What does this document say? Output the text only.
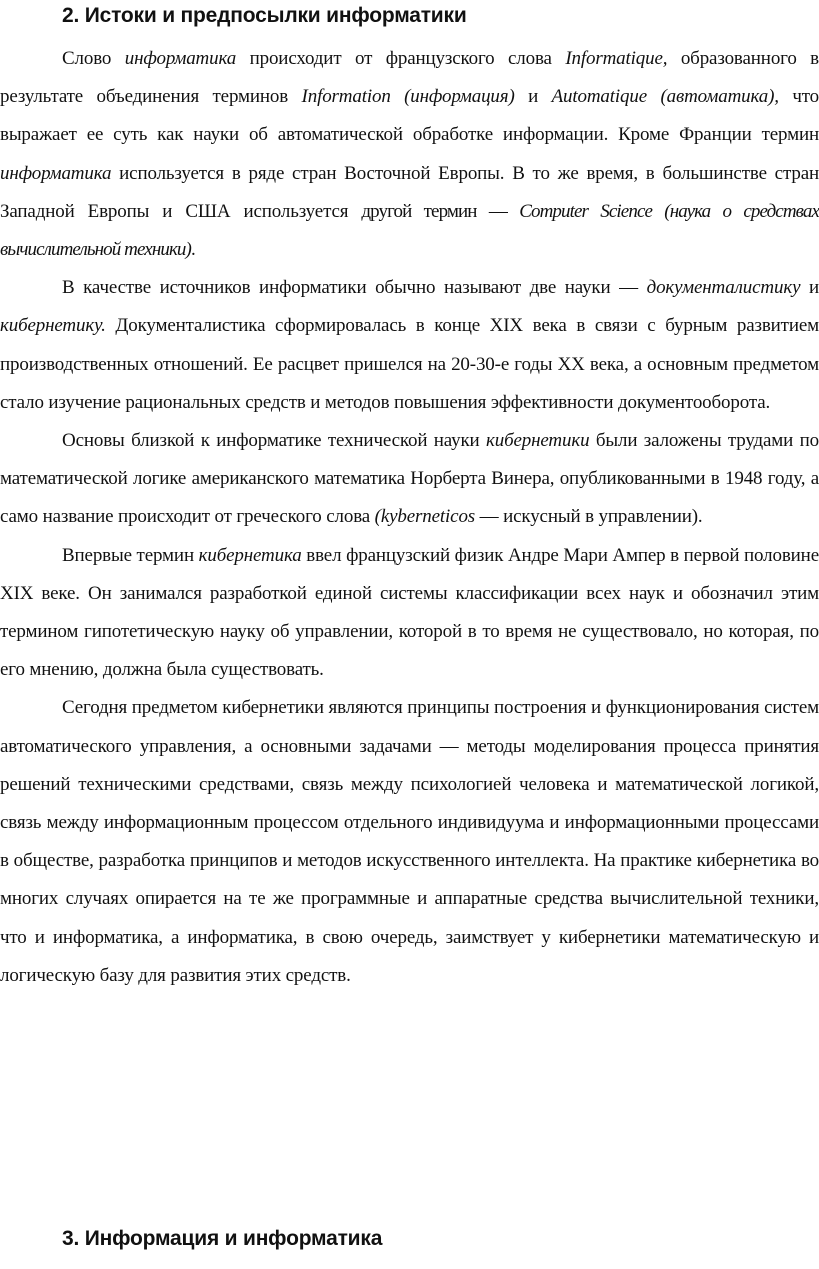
2. Истоки и предпосылки информатики

Слово информатика происходит от французского слова Informatique, образованного в результате объединения терминов Information (информация) и Automatique (автоматика), что выражает ее суть как науки об автоматической обработке информации. Кроме Франции термин информатика используется в ряде стран Восточной Европы. В то же время, в большинстве стран Западной Европы и США используется другой термин — Computer Science (наука о средствах вычислительной техники).

В качестве источников информатики обычно называют две науки — документалистику и кибернетику. Документалистика сформировалась в конце XIX века в связи с бурным развитием производственных отношений. Ее расцвет пришелся на 20-30-е годы XX века, а основным предметом стало изучение рациональных средств и методов повышения эффективности документооборота.

Основы близкой к информатике технической науки кибернетики были заложены трудами по математической логике американского математика Норберта Винера, опубликованными в 1948 году, а само название происходит от греческого слова (kyberneticos — искусный в управлении).

Впервые термин кибернетика ввел французский физик Андре Мари Ампер в первой половине XIX веке. Он занимался разработкой единой системы классификации всех наук и обозначил этим термином гипотетическую науку об управлении, которой в то время не существовало, но которая, по его мнению, должна была существовать.

Сегодня предметом кибернетики являются принципы построения и функционирования систем автоматического управления, а основными задачами — методы моделирования процесса принятия решений техническими средствами, связь между психологией человека и математической логикой, связь между информационным процессом отдельного индивидуума и информационными процессами в обществе, разработка принципов и методов искусственного интеллекта. На практике кибернетика во многих случаях опирается на те же программные и аппаратные средства вычислительной техники, что и информатика, а информатика, в свою очередь, заимствует у кибернетики математическую и логическую базу для развития этих средств.

3. Информация и информатика
